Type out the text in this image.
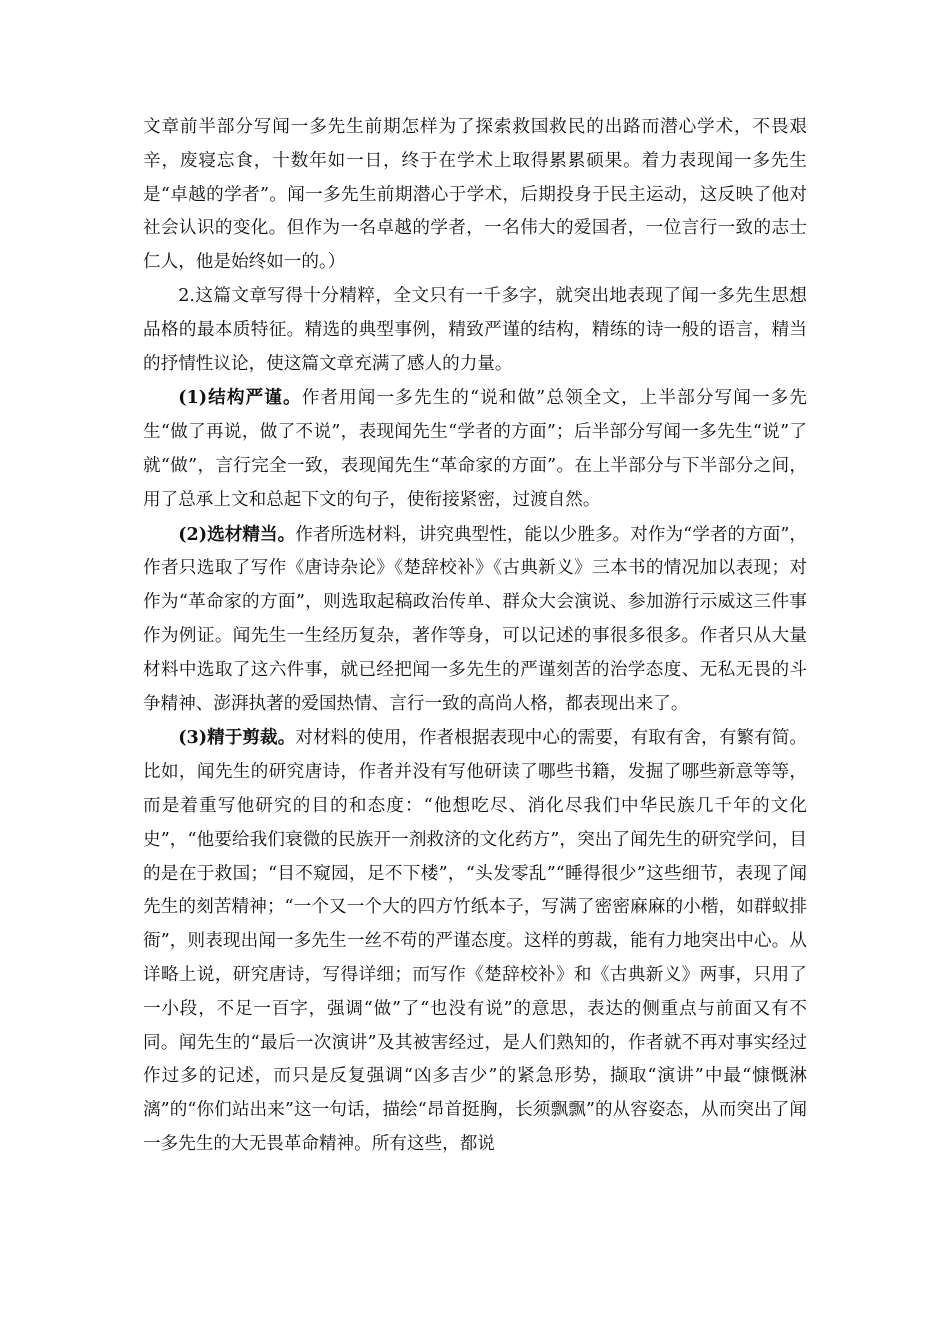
文章前半部分写闻一多先生前期怎样为了探索救国救民的出路而潜心学术，不畏艰辛，废寝忘食，十数年如一日，终于在学术上取得累累硕果。着力表现闻一多先生是“卓越的学者”。闻一多先生前期潜心于学术，后期投身于民主运动，这反映了他对社会认识的变化。但作为一名卓越的学者，一名伟大的爱国者，一位言行一致的志士仁人，他是始终如一的。）

2.这篇文章写得十分精粹，全文只有一千多字，就突出地表现了闻一多先生思想品格的最本质特征。精选的典型事例，精致严谨的结构，精练的诗一般的语言，精当的抒情性议论，使这篇文章充满了感人的力量。

(1)结构严谨。作者用闻一多先生的“说和做”总领全文，上半部分写闻一多先生“做了再说，做了不说”，表现闻先生“学者的方面”；后半部分写闻一多先生“说”了就“做”，言行完全一致，表现闻先生“革命家的方面”。在上半部分与下半部分之间，用了总承上文和总起下文的句子，使衔接紧密，过渡自然。

(2)选材精当。作者所选材料，讲究典型性，能以少胜多。对作为“学者的方面”，作者只选取了写作《唐诗杂论》《楚辞校补》《古典新义》三本书的情况加以表现；对作为“革命家的方面”，则选取起稿政治传单、群众大会演说、参加游行示威这三件事作为例证。闻先生一生经历复杂，著作等身，可以记述的事很多很多。作者只从大量材料中选取了这六件事，就已经把闻一多先生的严谨刻苦的治学态度、无私无畏的斗争精神、澎湃执著的爱国热情、言行一致的高尚人格，都表现出来了。

(3)精于剪裁。对材料的使用，作者根据表现中心的需要，有取有舍，有繁有简。比如，闻先生的研究唐诗，作者并没有写他研读了哪些书籍，发掘了哪些新意等等，而是着重写他研究的目的和态度：“他想吃尽、消化尽我们中华民族几千年的文化史”，“他要给我们衰微的民族开一剂救济的文化药方”，突出了闻先生的研究学问，目的是在于救国；“目不窥园，足不下楼”，“头发零乱”“睡得很少”这些细节，表现了闻先生的刻苦精神；“一个又一个大的四方竹纸本子，写满了密密麻麻的小楷，如群蚁排衙”，则表现出闻一多先生一丝不苟的严谨态度。这样的剪裁，能有力地突出中心。从详略上说，研究唐诗，写得详细；而写作《楚辞校补》和《古典新义》两事，只用了一小段，不足一百字，强调“做”了“也没有说”的意思，表达的侧重点与前面又有不同。闻先生的“最后一次演讲”及其被害经过，是人们熟知的，作者就不再对事实经过作过多的记述，而只是反复强调“凶多吉少”的紧急形势，撷取“演讲”中最“慷慨淋漓”的“你们站出来”这一句话，描绘“昂首挺胸，长须飘飘”的从容姿态，从而突出了闻一多先生的大无畏革命精神。所有这些，都说
